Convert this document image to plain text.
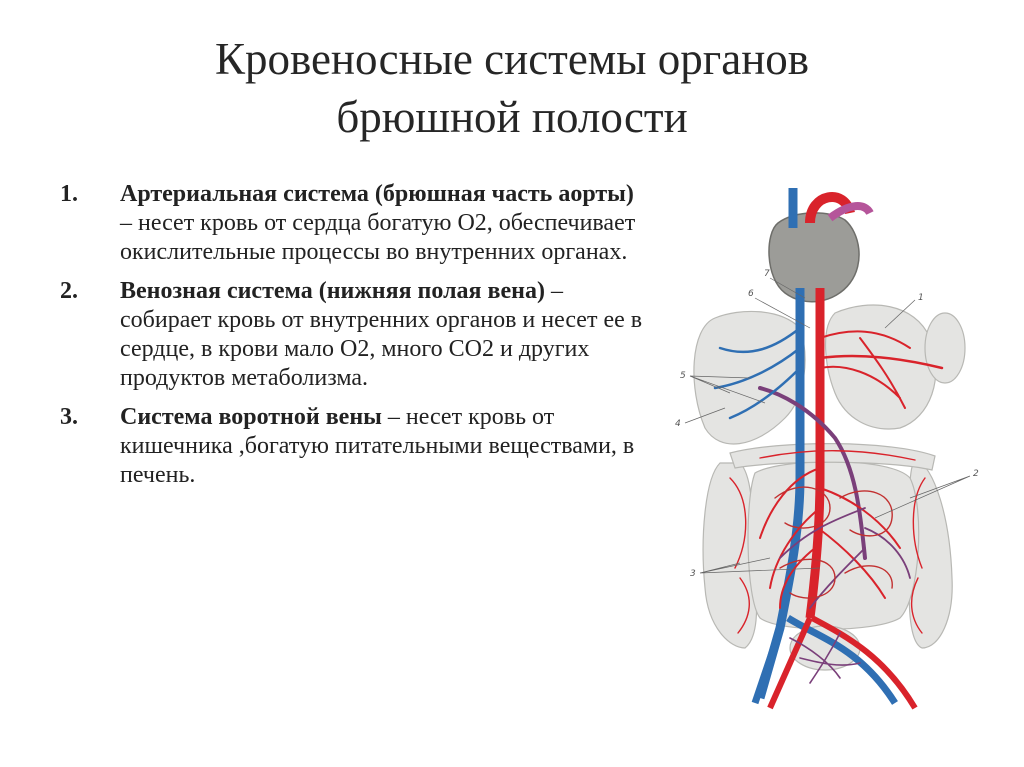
Кровеносные системы органов
брюшной полости
1.	Артериальная система (брюшная часть аорты) – несет кровь от сердца богатую О2, обеспечивает окислительные процессы во внутренних органах.
2.	Венозная система (нижняя полая вена) – собирает кровь от внутренних органов и несет ее в сердце, в крови мало О2, много СО2 и других продуктов метаболизма.
3.	Система воротной вены – несет кровь от кишечника ,богатую питательными веществами, в печень.
7
6	1
5
4
2
3
